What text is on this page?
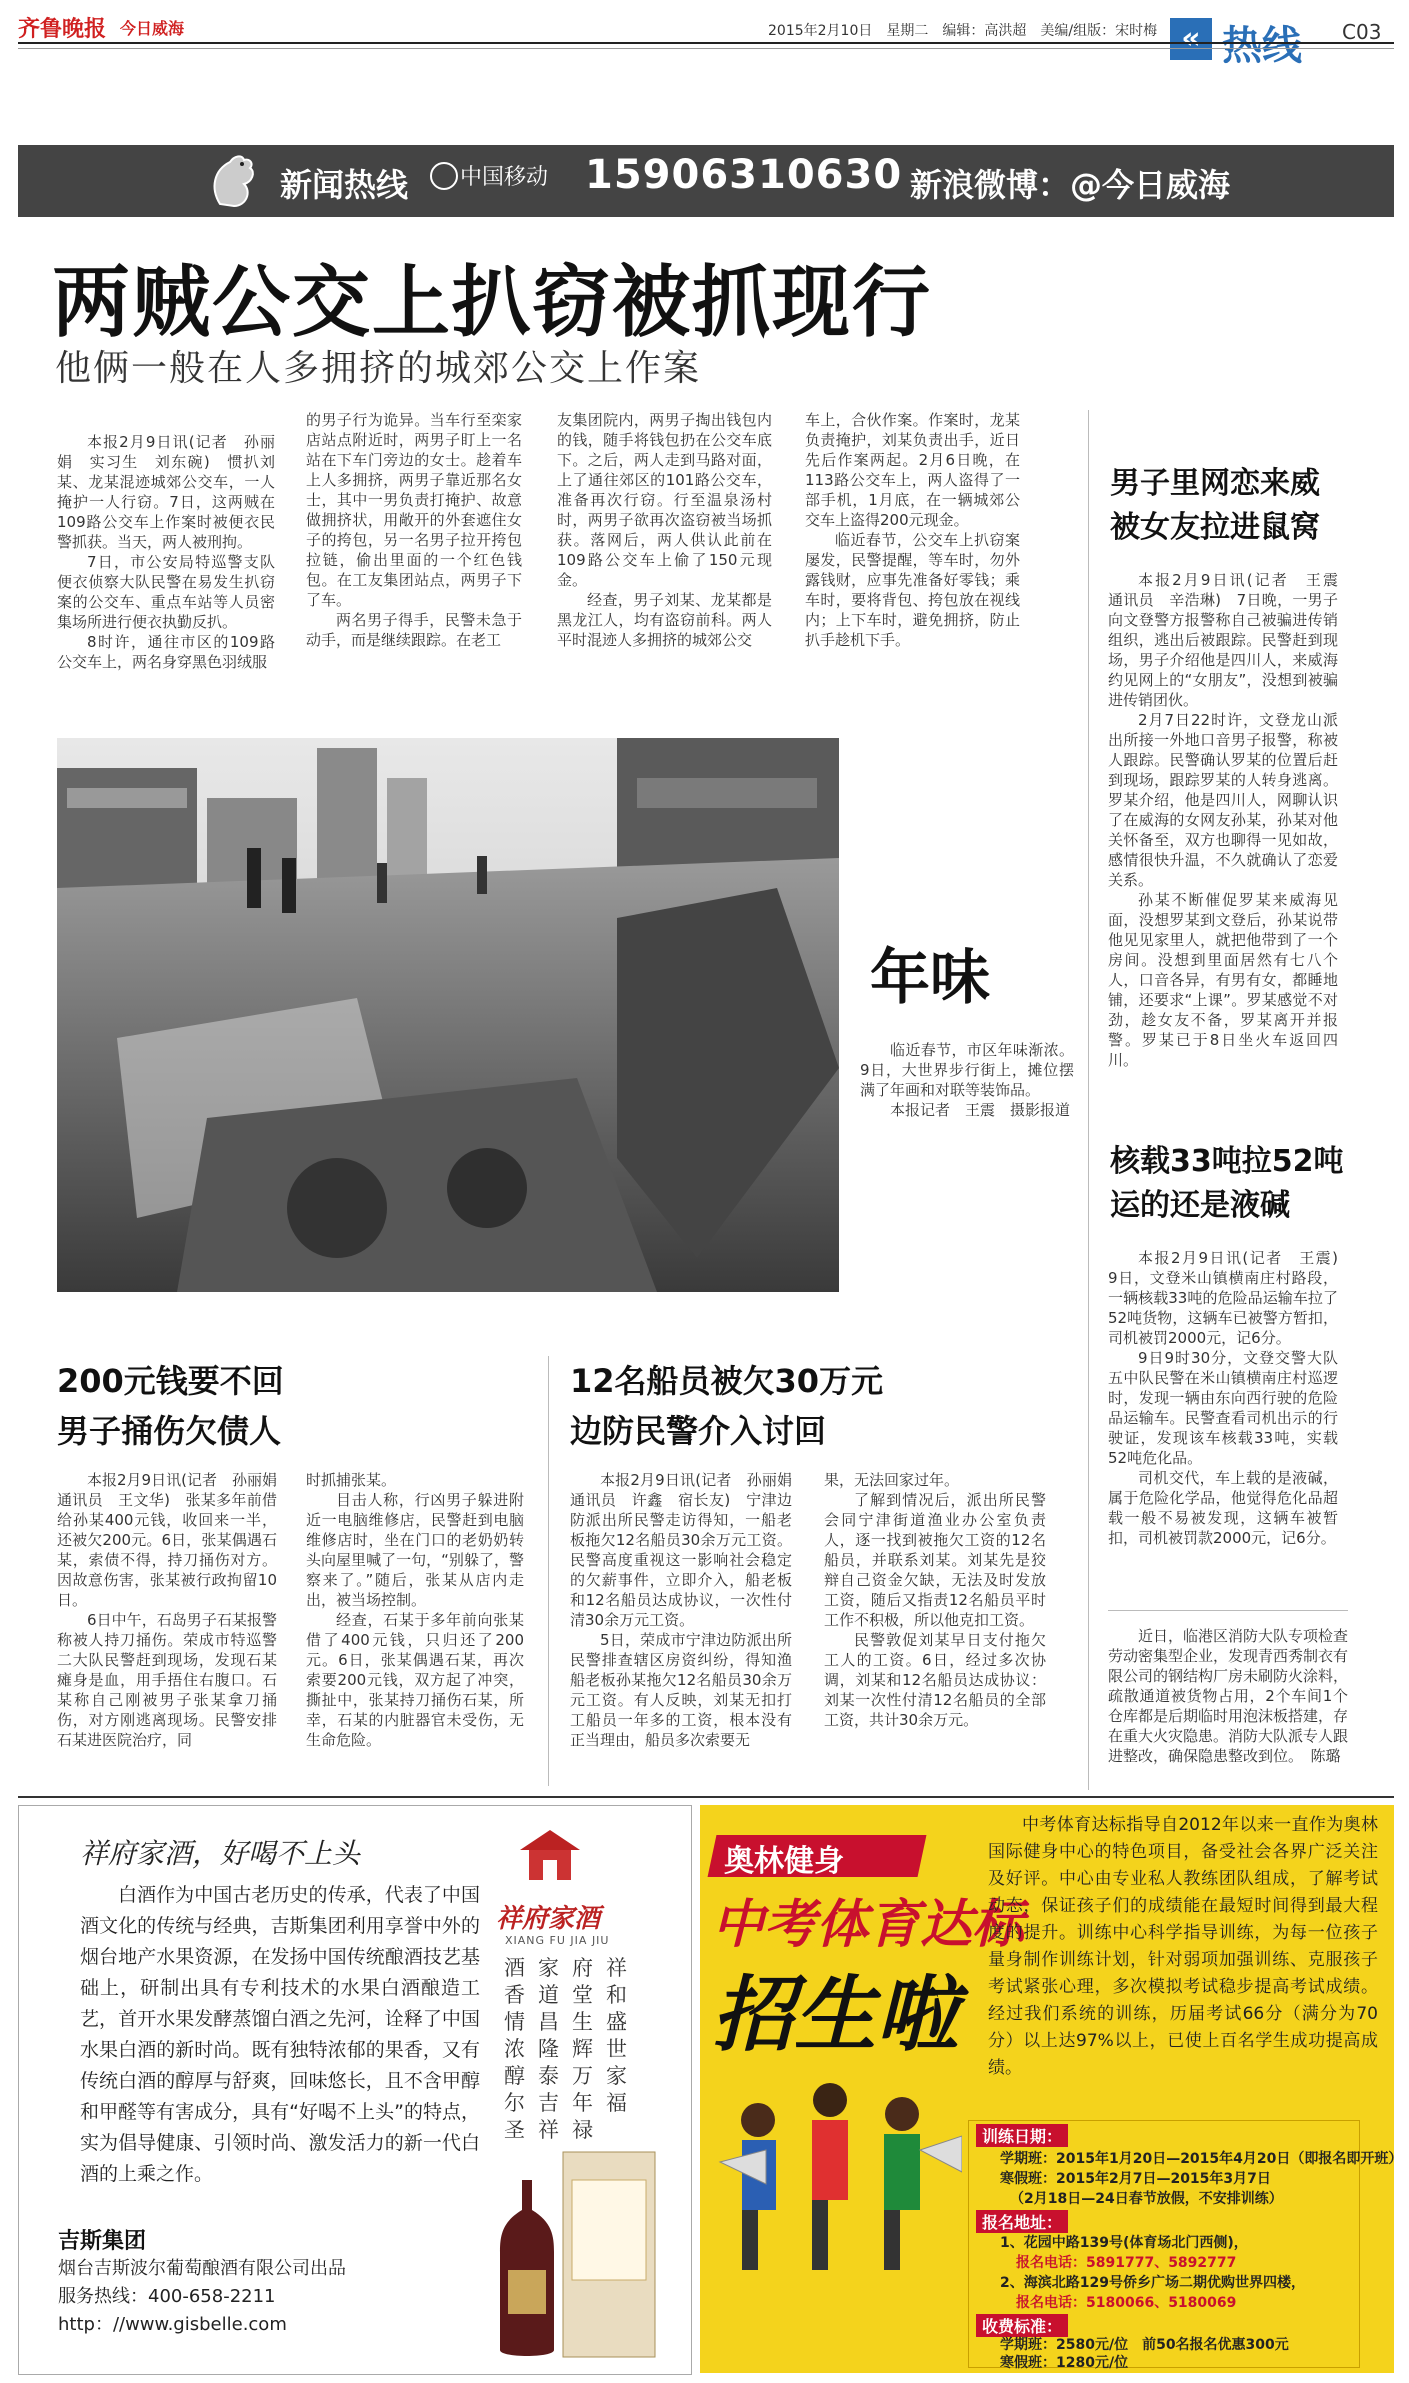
齐鲁晚报 今日威海	2015年2月10日　星期二　编辑：高洪超　美编/组版：宋时梅 « 热线 C03
新闻热线 中国移动 15906310630 新浪微博：@今日威海
两贼公交上扒窃被抓现行
他俩一般在人多拥挤的城郊公交上作案

本报2月9日讯(记者　孙丽娟　实习生　刘东碗)　惯扒刘某、龙某混迹城郊公交车，一人掩护一人行窃。7日，这两贼在109路公交车上作案时被便衣民警抓获。当天，两人被刑拘。

7日，市公安局特巡警支队便衣侦察大队民警在易发生扒窃案的公交车、重点车站等人员密集场所进行便衣执勤反扒。

8时许，通往市区的109路公交车上，两名身穿黑色羽绒服

的男子行为诡异。当车行至栾家店站点附近时，两男子盯上一名站在下车门旁边的女士。趁着车上人多拥挤，两男子靠近那名女士，其中一男负责打掩护、故意做拥挤状，用敞开的外套遮住女子的挎包，另一名男子拉开挎包拉链，偷出里面的一个红色钱包。在工友集团站点，两男子下了车。

两名男子得手，民警未急于动手，而是继续跟踪。在老工

友集团院内，两男子掏出钱包内的钱，随手将钱包扔在公交车底下。之后，两人走到马路对面，上了通往郊区的101路公交车，准备再次行窃。行至温泉汤村时，两男子欲再次盗窃被当场抓获。落网后，两人供认此前在109路公交车上偷了150元现金。

经查，男子刘某、龙某都是黑龙江人，均有盗窃前科。两人平时混迹人多拥挤的城郊公交

车上，合伙作案。作案时，龙某负责掩护，刘某负责出手，近日先后作案两起。2月6日晚，在113路公交车上，两人盗得了一部手机，1月底，在一辆城郊公交车上盗得200元现金。

临近春节，公交车上扒窃案屡发，民警提醒，等车时，勿外露钱财，应事先准备好零钱；乘车时，要将背包、挎包放在视线内；上下车时，避免拥挤，防止扒手趁机下手。

年味

临近春节，市区年味渐浓。9日，大世界步行街上，摊位摆满了年画和对联等装饰品。

本报记者　王震　摄影报道

男子里网恋来威
被女友拉进鼠窝

本报2月9日讯(记者　王震　通讯员　辛浩琳)　7日晚，一男子向文登警方报警称自己被骗进传销组织，逃出后被跟踪。民警赶到现场，男子介绍他是四川人，来威海约见网上的“女朋友”，没想到被骗进传销团伙。

2月7日22时许，文登龙山派出所接一外地口音男子报警，称被人跟踪。民警确认罗某的位置后赶到现场，跟踪罗某的人转身逃离。罗某介绍，他是四川人，网聊认识了在威海的女网友孙某，孙某对他关怀备至，双方也聊得一见如故，感情很快升温，不久就确认了恋爱关系。

孙某不断催促罗某来威海见面，没想罗某到文登后，孙某说带他见见家里人，就把他带到了一个房间。没想到里面居然有七八个人，口音各异，有男有女，都睡地铺，还要求“上课”。罗某感觉不对劲，趁女友不备，罗某离开并报警。罗某已于8日坐火车返回四川。

核载33吨拉52吨
运的还是液碱

本报2月9日讯(记者　王震)　9日，文登米山镇横南庄村路段，一辆核载33吨的危险品运输车拉了52吨货物，这辆车已被警方暂扣，司机被罚2000元，记6分。

9日9时30分，文登交警大队五中队民警在米山镇横南庄村巡逻时，发现一辆由东向西行驶的危险品运输车。民警查看司机出示的行驶证，发现该车核载33吨，实载52吨危化品。

司机交代，车上载的是液碱，属于危险化学品，他觉得危化品超载一般不易被发现，这辆车被暂扣，司机被罚款2000元，记6分。

近日，临港区消防大队专项检查劳动密集型企业，发现青西秀制衣有限公司的钢结构厂房未刷防火涂料，疏散通道被货物占用，2个车间1个仓库都是后期临时用泡沫板搭建，存在重大火灾隐患。消防大队派专人跟进整改，确保隐患整改到位。　陈璐

200元钱要不回
男子捅伤欠债人

本报2月9日讯(记者　孙丽娟　通讯员　王文华)　张某多年前借给孙某400元钱，收回来一半，还被欠200元。6日，张某偶遇石某，索债不得，持刀捅伤对方。因故意伤害，张某被行政拘留10日。

6日中午，石岛男子石某报警称被人持刀捅伤。荣成市特巡警二大队民警赶到现场，发现石某瘫身是血，用手捂住右腹口。石某称自己刚被男子张某拿刀捅伤，对方刚逃离现场。民警安排石某进医院治疗，同

时抓捕张某。

目击人称，行凶男子躲进附近一电脑维修店，民警赶到电脑维修店时，坐在门口的老奶奶转头向屋里喊了一句，“别躲了，警察来了。”随后，张某从店内走出，被当场控制。

经查，石某于多年前向张某借了400元钱，只归还了200元。6日，张某偶遇石某，再次索要200元钱，双方起了冲突，撕扯中，张某持刀捅伤石某，所幸，石某的内脏器官未受伤，无生命危险。

12名船员被欠30万元
边防民警介入讨回

本报2月9日讯(记者　孙丽娟　通讯员　许鑫　宿长友)　宁津边防派出所民警走访得知，一船老板拖欠12名船员30余万元工资。民警高度重视这一影响社会稳定的欠薪事件，立即介入，船老板和12名船员达成协议，一次性付清30余万元工资。

5日，荣成市宁津边防派出所民警排查辖区房资纠纷，得知渔船老板孙某拖欠12名船员30余万元工资。有人反映，刘某无扣打工船员一年多的工资，根本没有正当理由，船员多次索要无

果，无法回家过年。

了解到情况后，派出所民警会同宁津街道渔业办公室负责人，逐一找到被拖欠工资的12名船员，并联系刘某。刘某先是狡辩自己资金欠缺，无法及时发放工资，随后又指责12名船员平时工作不积极，所以他克扣工资。

民警敦促刘某早日支付拖欠工人的工资。6日，经过多次协调，刘某和12名船员达成协议：刘某一次性付清12名船员的全部工资，共计30余万元。

祥府家酒，好喝不上头
白酒作为中国古老历史的传承，代表了中国酒文化的传统与经典，吉斯集团利用享誉中外的烟台地产水果资源，在发扬中国传统酿酒技艺基础上，研制出具有专利技术的水果白酒酿造工艺，首开水果发酵蒸馏白酒之先河，诠释了中国水果白酒的新时尚。既有独特浓郁的果香，又有传统白酒的醇厚与舒爽，回味悠长，且不含甲醇和甲醛等有害成分，具有“好喝不上头”的特点，实为倡导健康、引领时尚、激发活力的新一代白酒的上乘之作。
吉斯集团
烟台吉斯波尔葡萄酿酒有限公司出品
服务热线：400-658-2211
http：//www.gisbelle.com
祥府家酒
XIANG FU JIA JIU
祥和盛世家福
府堂生辉万年禄
家道昌隆泰吉祥
酒香情浓醇尔圣
奥林健身
中考体育达标
招生啦
中考体育达标指导自2012年以来一直作为奥林国际健身中心的特色项目，备受社会各界广泛关注及好评。中心由专业私人教练团队组成，了解考试动态，保证孩子们的成绩能在最短时间得到最大程度的提升。训练中心科学指导训练，为每一位孩子量身制作训练计划，针对弱项加强训练、克服孩子考试紧张心理，多次模拟考试稳步提高考试成绩。经过我们系统的训练，历届考试66分（满分为70分）以上达97%以上，已使上百名学生成功提高成绩。
训练日期：
学期班：2015年1月20日—2015年4月20日（即报名即开班）
寒假班：2015年2月7日—2015年3月7日
（2月18日—24日春节放假，不安排训练）
报名地址：
1、花园中路139号(体育场北门西侧)，
报名电话：5891777、5892777
2、海滨北路129号侨乡广场二期优购世界四楼，
报名电话：5180066、5180069
收费标准：
学期班：2580元/位　前50名报名优惠300元
寒假班：1280元/位
